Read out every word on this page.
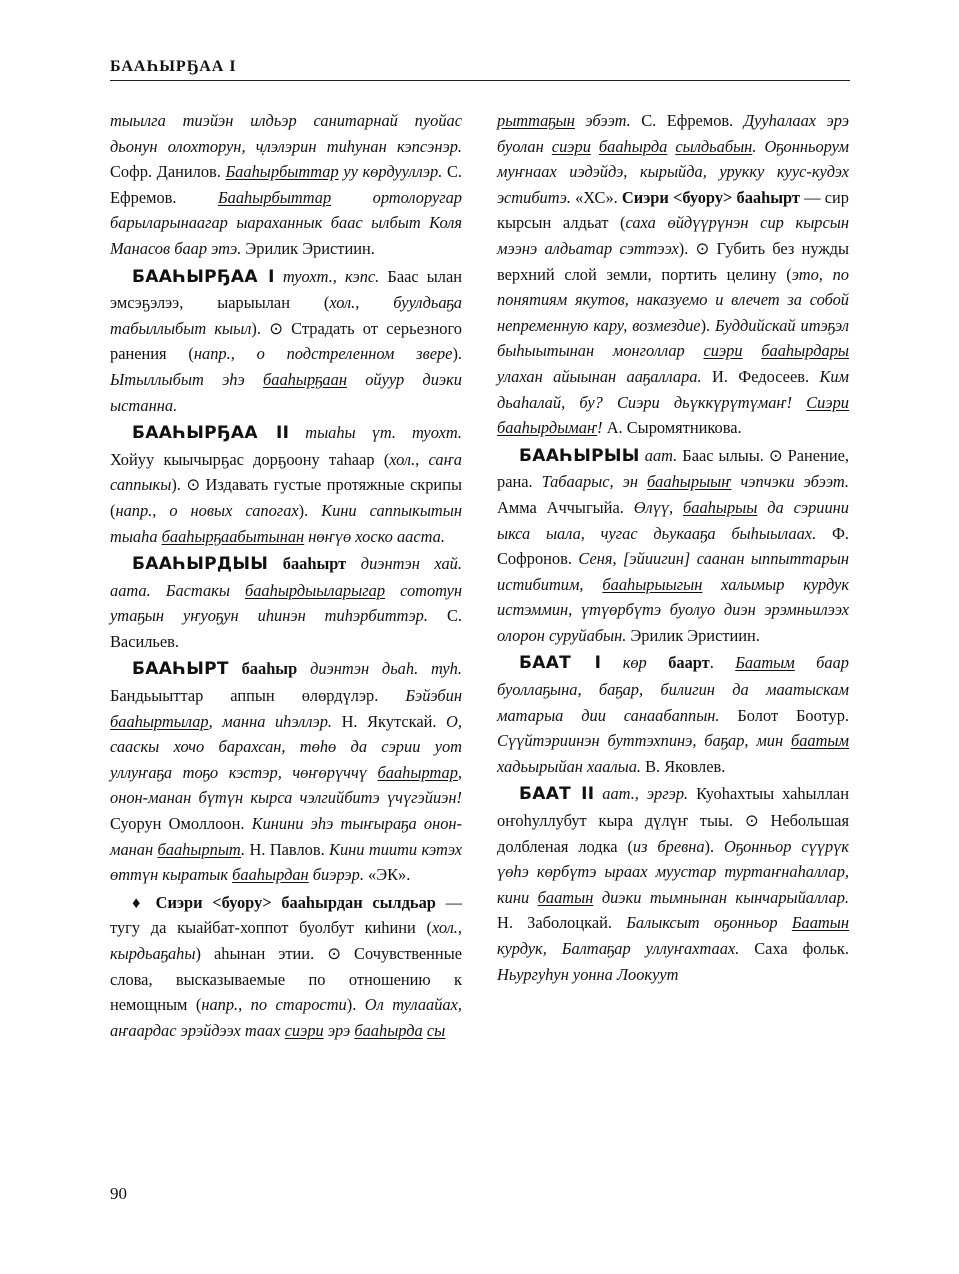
БААҺЫРҔАА I

тыылга тиэйэн илдьэр санитарнай пуойас дьонун олохторун, ч̣лэлэрин тиһунан кэпсэнэр. Софр. Данилов. Бааһырбыттар уу көрдууллэр. С. Ефремов. Бааһырбыттар ортолоругар барыларынаагар ыараханнык баас ылбыт Коля Манасов баар этэ. Эрилик Эристиин.

БААҺЫРҔАА I туохт., кэпс. Баас ылан эмсэҕэлээ, ыарыылан (хол., буулдьаҕа табыллыбыт кыыл). ⊙ Страдать от серьезного ранения (напр., о подстреленном звере). Ытыллыбыт эһэ бааһырҕаан ойуур диэки ыстанна.

БААҺЫРҔАА II тыаһы үт. туохт. Хойуу кыычырҕас дорҕоону таһаар (хол., саҥа саппыкы). ⊙ Издавать густые протяжные скрипы (напр., о новых сапогах). Кини саппыкытын тыаһа бааһырҕаабытынан нөҥүө хоско ааста.

БААҺЫРДЫЫ бааһырт диэнтэн хай. аата. Бастакы бааһырдыыларыгар сототун утаҕын уҥуоҕун иһинэн тиһэрбиттэр. С. Васильев.

БААҺЫРТ бааһыр диэнтэн дьаһ. туһ. Бандьыыттар аппын өлөрдүлэр. Бэйэбин бааһыртылар, манна иһэллэр. Н. Якутскай. О, сааскы хочо барахсан, төһө да сэрии уот уллуҥаҕа тоҕо кэстэр, чөҥөрүччү бааһыртар, онон-манан бүтүн кырса чэлгийбитэ үчүгэйиэн! Суорун Омоллоон. Кинини эһэ тыҥыраҕа онон-манан бааһырпыт. Н. Павлов. Кини тиити кэтэх өттүн кыратык бааһырдан биэрэр. «ЭК».

♦ Сиэри <буору> бааһырдан сылдьар — тугу да кыайбат-хоппот буолбут киһини (хол., кырдьаҕаһы) аһынан этии. ⊙ Сочувственные слова, высказываемые по отношению к немощным (напр., по старости). Ол тулаайах, аҥаардас эрэйдээх таах сиэри эрэ бааһырда сы

рыттаҕын эбээт. С. Ефремов. Дууһалаах эрэ буолан сиэри бааһырда сылдьабын. Оҕонньорум муҥнаах иэдэйдэ, кырыйда, урукку куус-кудэх эстибитэ. «ХС». Сиэри <буору> бааһырт — сир кырсын алдьат (саха өйдүүрүнэн сир кырсын мээнэ алдьатар сэттээх). ⊙ Губить без нужды верхний слой земли, портить целину (это, по понятиям якутов, наказуемо и влечет за собой непременную кару, возмездие). Буддийскай итэҕэл быһыытынан монголлар сиэри бааһырдары улахан айыынан ааҕаллара. И. Федосеев. Ким дьаһалай, бу? Сиэри дьүккүрүтүмаҥ! Сиэри бааһырдымаҥ! А. Сыромятникова.

БААҺЫРЫЫ аат. Баас ылыы. ⊙ Ранение, рана. Табаарыс, эн бааһырыыҥ чэпчэки эбээт. Амма Аччыгыйа. Өлүү, бааһырыы да сэриини ыкса ыала, чугас дьукааҕа быһыылаах. Ф. Софронов. Сеня, [эйиигин] саанан ыппыттарын истибитим, бааһырыыгын халымыр курдук истэммин, үтүөрбүтэ буолуо диэн эрэмньилээх олорон суруйабын. Эрилик Эристиин.

БААТ I көр баарт. Баатым баар буоллаҕына, баҕар, билигин да маатыскам матарыа дии санаабаппын. Болот Боотур. Сүүйтэриинэн буттэхпинэ, баҕар, мин баатым хадьырыйан хаалыа. В. Яковлев.

БААТ II аат., эргэр. Куоһахтыы хаһыллан оҥоһуллубут кыра дүлүҥ тыы. ⊙ Небольшая долбленая лодка (из бревна). Оҕонньор сүүрүк үөһэ көрбүтэ ыраах муустар туртаҥнаһаллар, кини баатын диэки тымнынан кынчарыйаллар. Н. Заболоцкай. Балыксыт оҕонньор Баатын курдук, Балтаҕар уллуҥахтаах. Саха фольк. Ньургуһун уонна Лоокуут

90
